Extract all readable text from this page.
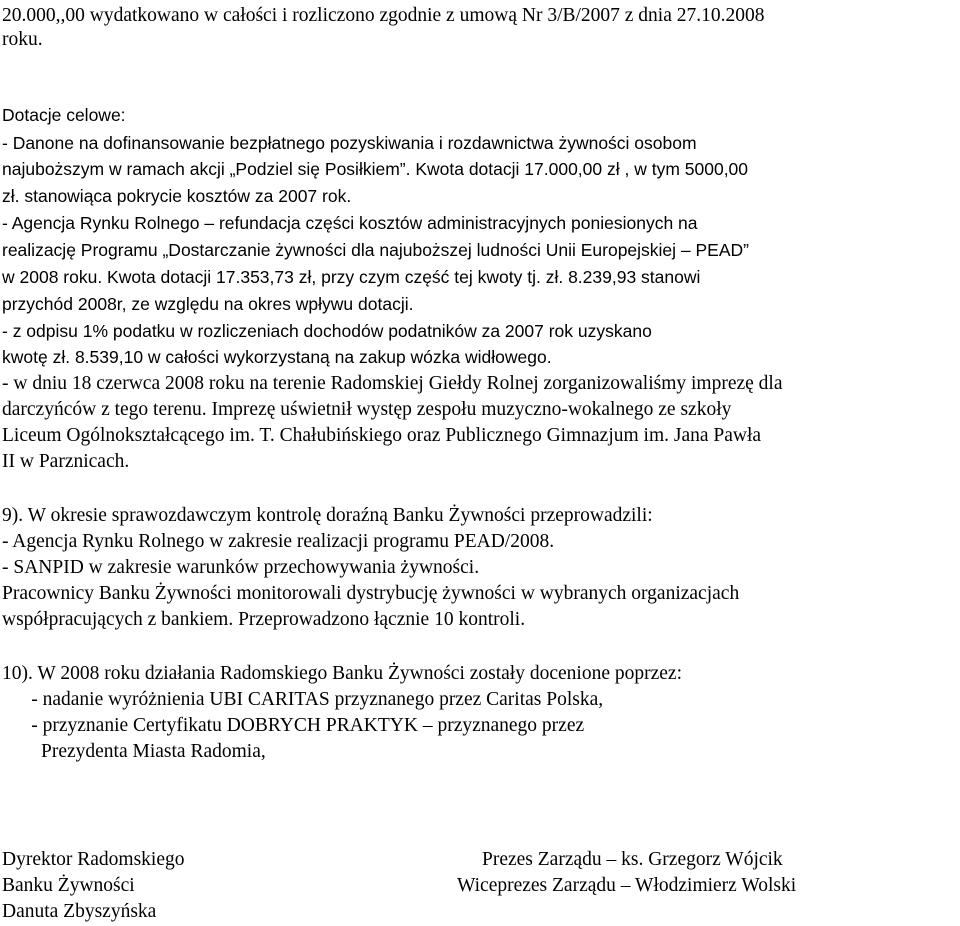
20.000,,00 wydatkowano w całości i rozliczono zgodnie z umową Nr 3/B/2007 z dnia 27.10.2008
roku.
Dotacje celowe:
- Danone na dofinansowanie bezpłatnego pozyskiwania i rozdawnictwa żywności osobom
najuboższym w ramach akcji „Podziel się Posiłkiem”. Kwota dotacji 17.000,00 zł , w tym 5000,00
zł. stanowiąca pokrycie kosztów za 2007 rok.
- Agencja Rynku Rolnego – refundacja części kosztów administracyjnych poniesionych na
realizację Programu „Dostarczanie żywności dla najuboższej ludności Unii Europejskiej – PEAD”
w 2008 roku. Kwota dotacji 17.353,73 zł, przy czym część tej kwoty tj. zł. 8.239,93 stanowi
przychód 2008r, ze względu na okres wpływu dotacji.
- z odpisu 1% podatku w rozliczeniach dochodów podatników za 2007 rok uzyskano
kwotę zł. 8.539,10 w całości wykorzystaną na zakup wózka widłowego.
- w dniu 18 czerwca 2008 roku na terenie Radomskiej Giełdy Rolnej zorganizowaliśmy imprezę dla
darczyńców z tego terenu. Imprezę uświetnił występ zespołu muzyczno-wokalnego ze szkoły
Liceum Ogólnokształcącego im. T. Chałubińskiego oraz Publicznego Gimnazjum im. Jana Pawła
II w Parznicach.
9). W okresie sprawozdawczym kontrolę doraźną Banku Żywności przeprowadzili:
- Agencja Rynku Rolnego w zakresie realizacji programu PEAD/2008.
- SANPID w zakresie warunków przechowywania żywności.
Pracownicy Banku Żywności monitorowali dystrybucję żywności w wybranych organizacjach
współpracujących z bankiem. Przeprowadzono łącznie 10 kontroli.
10). W 2008 roku działania Radomskiego Banku Żywności zostały docenione poprzez:
- nadanie wyróżnienia UBI CARITAS przyznanego przez Caritas Polska,
- przyznanie Certyfikatu DOBRYCH PRAKTYK – przyznanego przez
Prezydenta Miasta Radomia,
Dyrektor Radomskiego
Banku Żywności
Danuta Zbyszyńska
Prezes Zarządu – ks. Grzegorz Wójcik
Wiceprezes Zarządu – Włodzimierz Wolski
